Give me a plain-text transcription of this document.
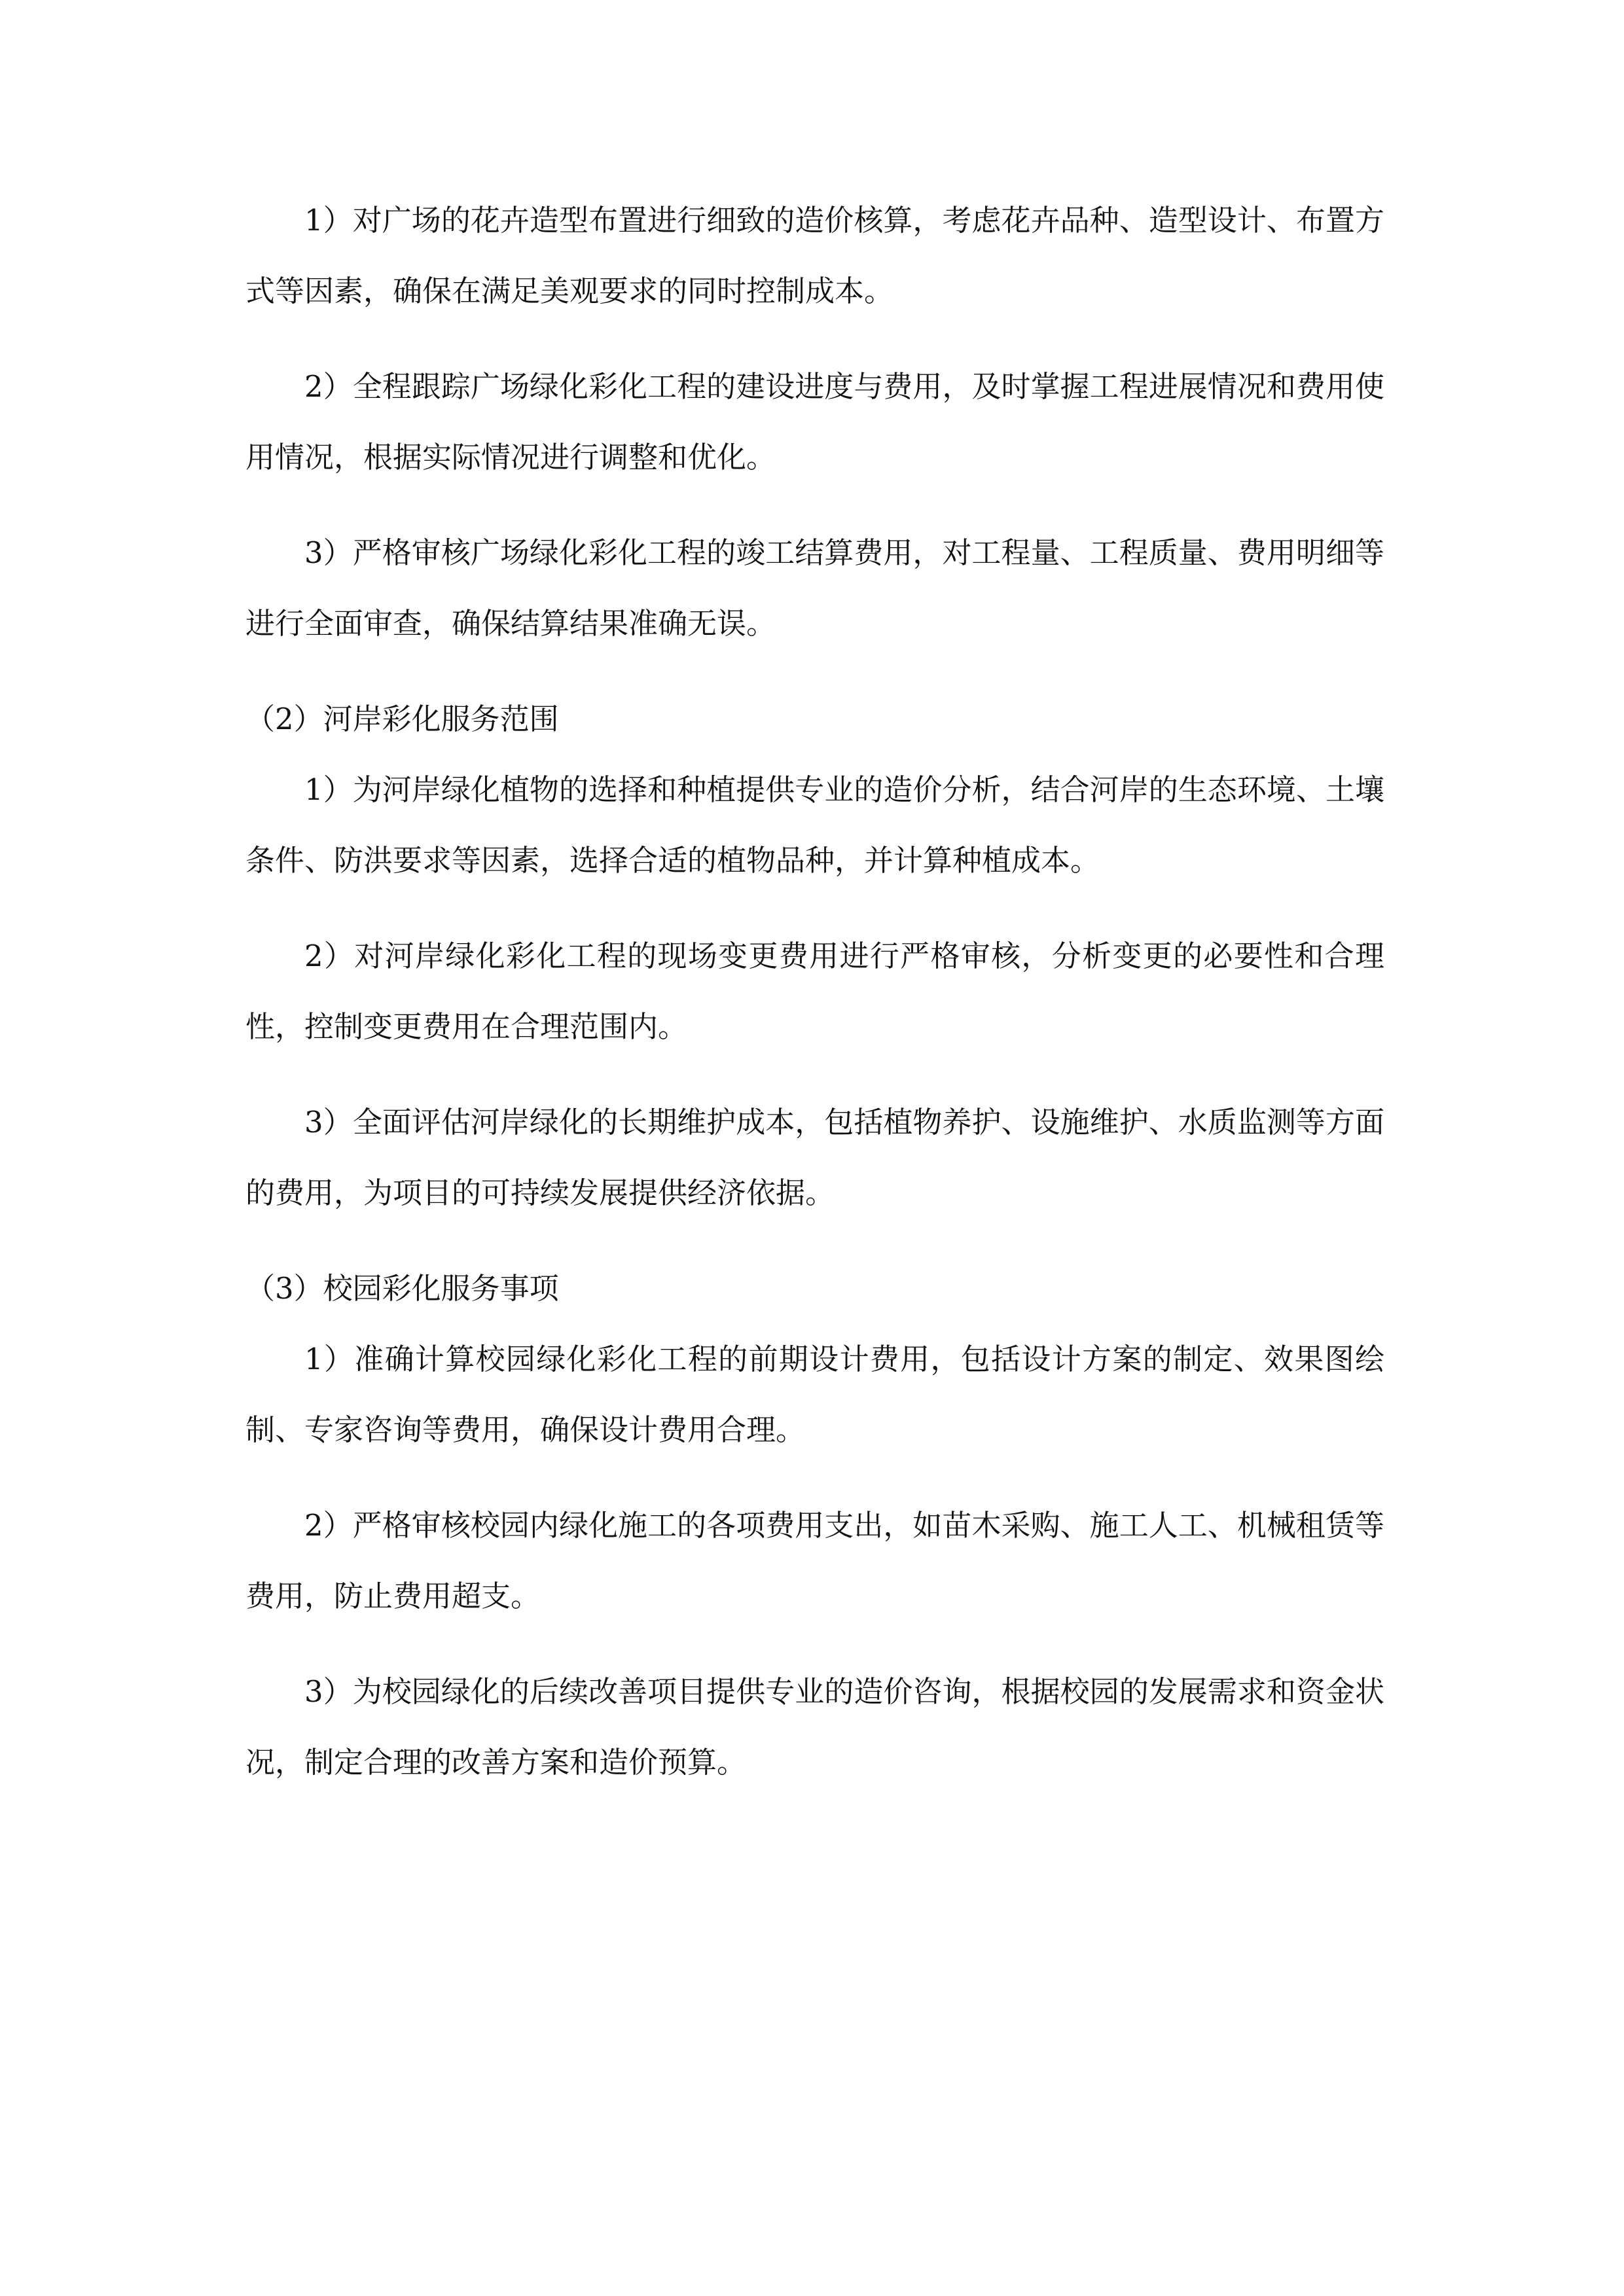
1）对广场的花卉造型布置进行细致的造价核算，考虑花卉品种、造型设计、布置方式等因素，确保在满足美观要求的同时控制成本。

2）全程跟踪广场绿化彩化工程的建设进度与费用，及时掌握工程进展情况和费用使用情况，根据实际情况进行调整和优化。

3）严格审核广场绿化彩化工程的竣工结算费用，对工程量、工程质量、费用明细等进行全面审查，确保结算结果准确无误。

（2）河岸彩化服务范围

1）为河岸绿化植物的选择和种植提供专业的造价分析，结合河岸的生态环境、土壤条件、防洪要求等因素，选择合适的植物品种，并计算种植成本。

2）对河岸绿化彩化工程的现场变更费用进行严格审核，分析变更的必要性和合理性，控制变更费用在合理范围内。

3）全面评估河岸绿化的长期维护成本，包括植物养护、设施维护、水质监测等方面的费用，为项目的可持续发展提供经济依据。

（3）校园彩化服务事项

1）准确计算校园绿化彩化工程的前期设计费用，包括设计方案的制定、效果图绘制、专家咨询等费用，确保设计费用合理。

2）严格审核校园内绿化施工的各项费用支出，如苗木采购、施工人工、机械租赁等费用，防止费用超支。

3）为校园绿化的后续改善项目提供专业的造价咨询，根据校园的发展需求和资金状况，制定合理的改善方案和造价预算。
